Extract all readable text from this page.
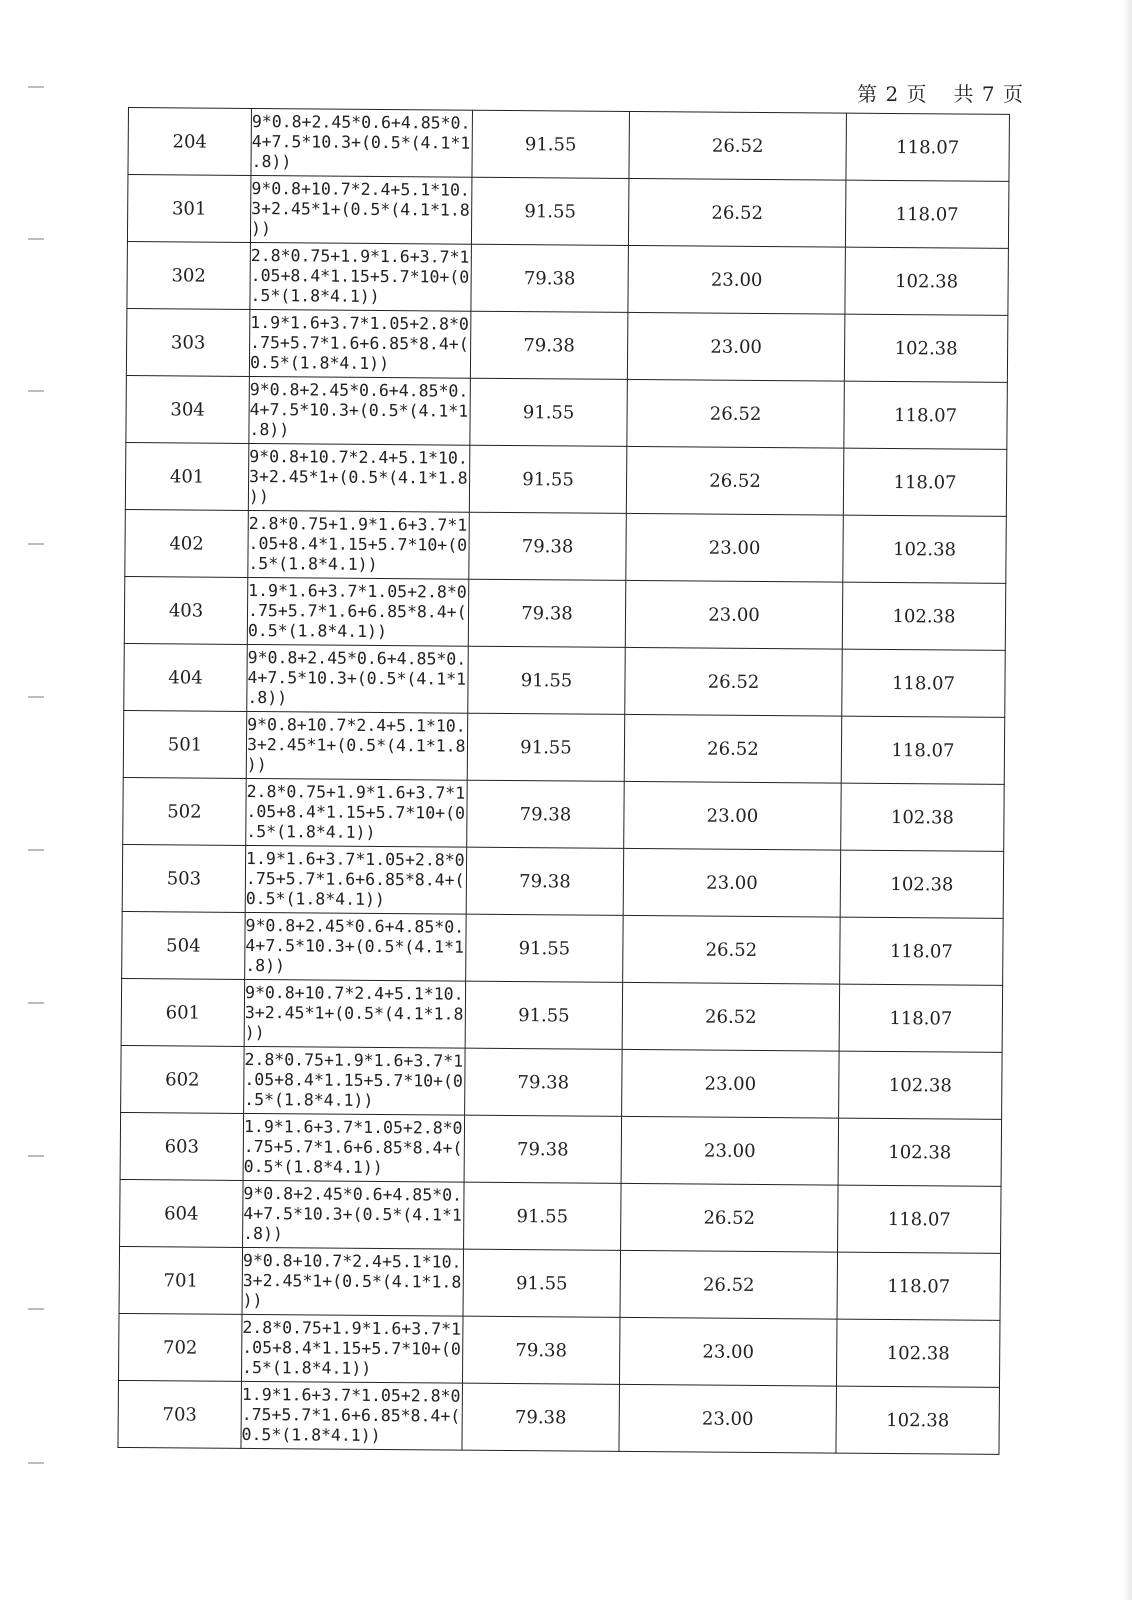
第 2 页 共 7 页
204	9*0.8+2.45*0.6+4.85*0.
4+7.5*10.3+(0.5*(4.1*1
.8))	91.55	26.52	118.07
301	9*0.8+10.7*2.4+5.1*10.
3+2.45*1+(0.5*(4.1*1.8
))	91.55	26.52	118.07
302	2.8*0.75+1.9*1.6+3.7*1
.05+8.4*1.15+5.7*10+(0
.5*(1.8*4.1))	79.38	23.00	102.38
303	1.9*1.6+3.7*1.05+2.8*0
.75+5.7*1.6+6.85*8.4+(
0.5*(1.8*4.1))	79.38	23.00	102.38
304	9*0.8+2.45*0.6+4.85*0.
4+7.5*10.3+(0.5*(4.1*1
.8))	91.55	26.52	118.07
401	9*0.8+10.7*2.4+5.1*10.
3+2.45*1+(0.5*(4.1*1.8
))	91.55	26.52	118.07
402	2.8*0.75+1.9*1.6+3.7*1
.05+8.4*1.15+5.7*10+(0
.5*(1.8*4.1))	79.38	23.00	102.38
403	1.9*1.6+3.7*1.05+2.8*0
.75+5.7*1.6+6.85*8.4+(
0.5*(1.8*4.1))	79.38	23.00	102.38
404	9*0.8+2.45*0.6+4.85*0.
4+7.5*10.3+(0.5*(4.1*1
.8))	91.55	26.52	118.07
501	9*0.8+10.7*2.4+5.1*10.
3+2.45*1+(0.5*(4.1*1.8
))	91.55	26.52	118.07
502	2.8*0.75+1.9*1.6+3.7*1
.05+8.4*1.15+5.7*10+(0
.5*(1.8*4.1))	79.38	23.00	102.38
503	1.9*1.6+3.7*1.05+2.8*0
.75+5.7*1.6+6.85*8.4+(
0.5*(1.8*4.1))	79.38	23.00	102.38
504	9*0.8+2.45*0.6+4.85*0.
4+7.5*10.3+(0.5*(4.1*1
.8))	91.55	26.52	118.07
601	9*0.8+10.7*2.4+5.1*10.
3+2.45*1+(0.5*(4.1*1.8
))	91.55	26.52	118.07
602	2.8*0.75+1.9*1.6+3.7*1
.05+8.4*1.15+5.7*10+(0
.5*(1.8*4.1))	79.38	23.00	102.38
603	1.9*1.6+3.7*1.05+2.8*0
.75+5.7*1.6+6.85*8.4+(
0.5*(1.8*4.1))	79.38	23.00	102.38
604	9*0.8+2.45*0.6+4.85*0.
4+7.5*10.3+(0.5*(4.1*1
.8))	91.55	26.52	118.07
701	9*0.8+10.7*2.4+5.1*10.
3+2.45*1+(0.5*(4.1*1.8
))	91.55	26.52	118.07
702	2.8*0.75+1.9*1.6+3.7*1
.05+8.4*1.15+5.7*10+(0
.5*(1.8*4.1))	79.38	23.00	102.38
703	1.9*1.6+3.7*1.05+2.8*0
.75+5.7*1.6+6.85*8.4+(
0.5*(1.8*4.1))	79.38	23.00	102.38
